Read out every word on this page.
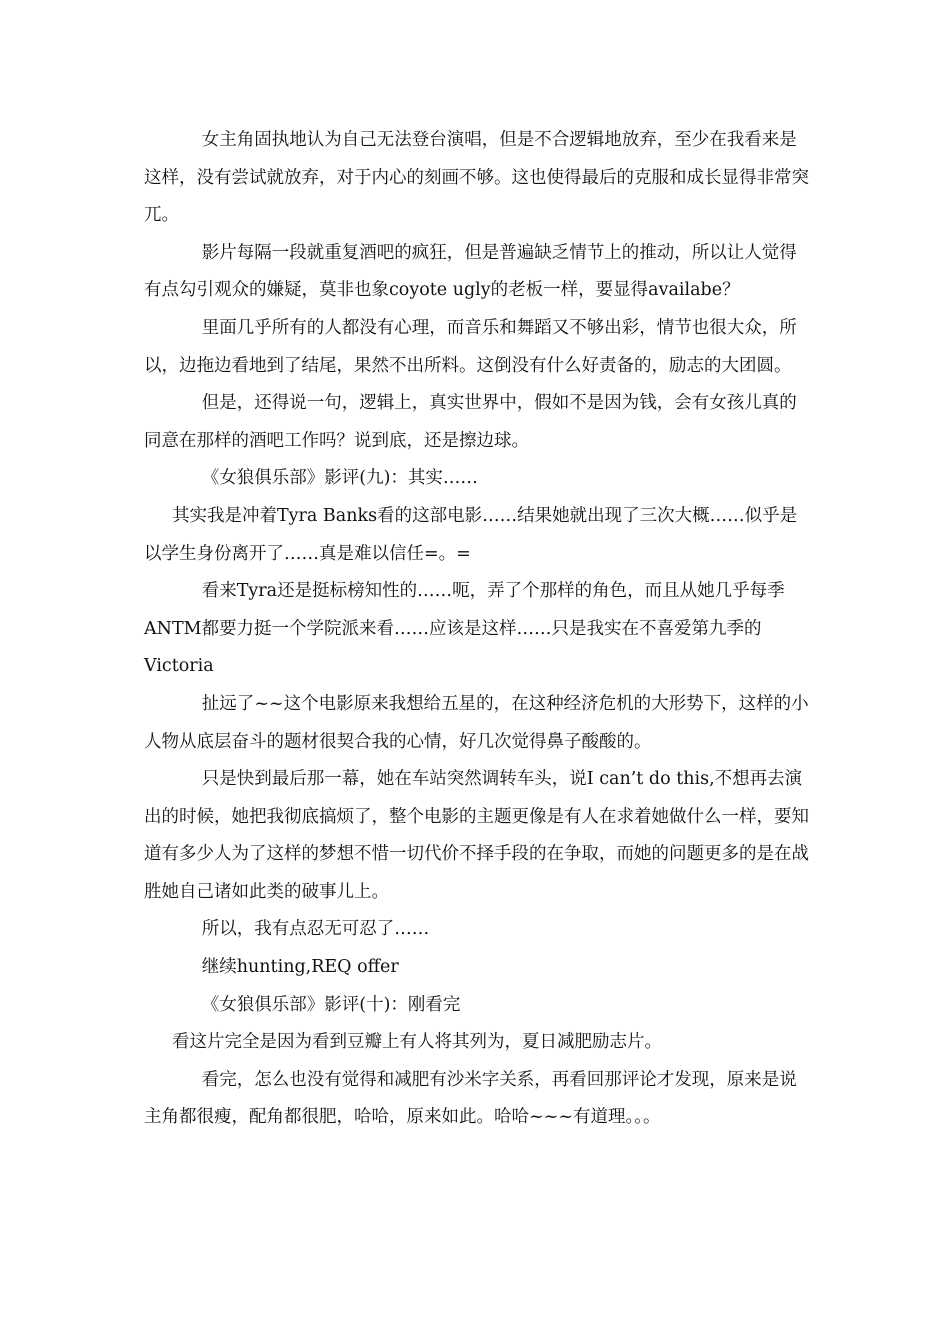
女主角固执地认为自己无法登台演唱，但是不合逻辑地放弃，至少在我看来是这样，没有尝试就放弃，对于内心的刻画不够。这也使得最后的克服和成长显得非常突兀。

影片每隔一段就重复酒吧的疯狂，但是普遍缺乏情节上的推动，所以让人觉得有点勾引观众的嫌疑，莫非也象coyote ugly的老板一样，要显得availabe？

里面几乎所有的人都没有心理，而音乐和舞蹈又不够出彩，情节也很大众，所以，边拖边看地到了结尾，果然不出所料。这倒没有什么好责备的，励志的大团圆。

但是，还得说一句，逻辑上，真实世界中，假如不是因为钱，会有女孩儿真的同意在那样的酒吧工作吗？说到底，还是擦边球。

《女狼俱乐部》影评(九)：其实……

其实我是冲着Tyra Banks看的这部电影……结果她就出现了三次大概……似乎是以学生身份离开了……真是难以信任=。=

看来Tyra还是挺标榜知性的……呃，弄了个那样的角色，而且从她几乎每季ANTM都要力挺一个学院派来看……应该是这样……只是我实在不喜爱第九季的Victoria

扯远了~~这个电影原来我想给五星的，在这种经济危机的大形势下，这样的小人物从底层奋斗的题材很契合我的心情，好几次觉得鼻子酸酸的。

只是快到最后那一幕，她在车站突然调转车头，说I can’t do this,不想再去演出的时候，她把我彻底搞烦了，整个电影的主题更像是有人在求着她做什么一样，要知道有多少人为了这样的梦想不惜一切代价不择手段的在争取，而她的问题更多的是在战胜她自己诸如此类的破事儿上。

所以，我有点忍无可忍了……

继续hunting,REQ offer

《女狼俱乐部》影评(十)：刚看完

看这片完全是因为看到豆瓣上有人将其列为，夏日减肥励志片。

看完，怎么也没有觉得和减肥有沙米字关系，再看回那评论才发现，原来是说主角都很瘦，配角都很肥，哈哈，原来如此。哈哈~~~有道理。。。
